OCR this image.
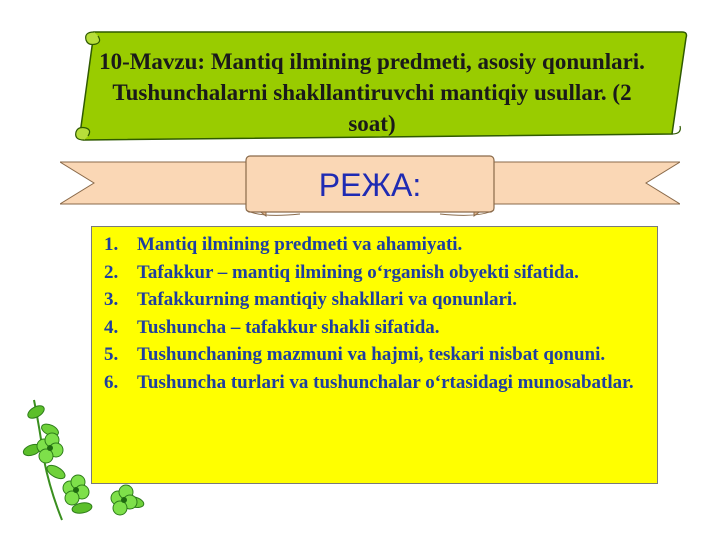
10-Mavzu: Mantiq ilmining predmeti, asosiy qonunlari. Tushunchalarni shakllantiruvchi mantiqiy usullar. (2 soat)
РЕЖА:
1. Mantiq ilmining predmeti va ahamiyati.
2. Tafakkur – mantiq ilmining o‘rganish obyekti sifatida.
3. Tafakkurning mantiqiy shakllari va qonunlari.
4. Tushuncha – tafakkur shakli sifatida.
5. Tushunchaning mazmuni va hajmi, teskari nisbat qonuni.
6. Tushuncha turlari va tushunchalar o‘rtasidagi munosabatlar.
